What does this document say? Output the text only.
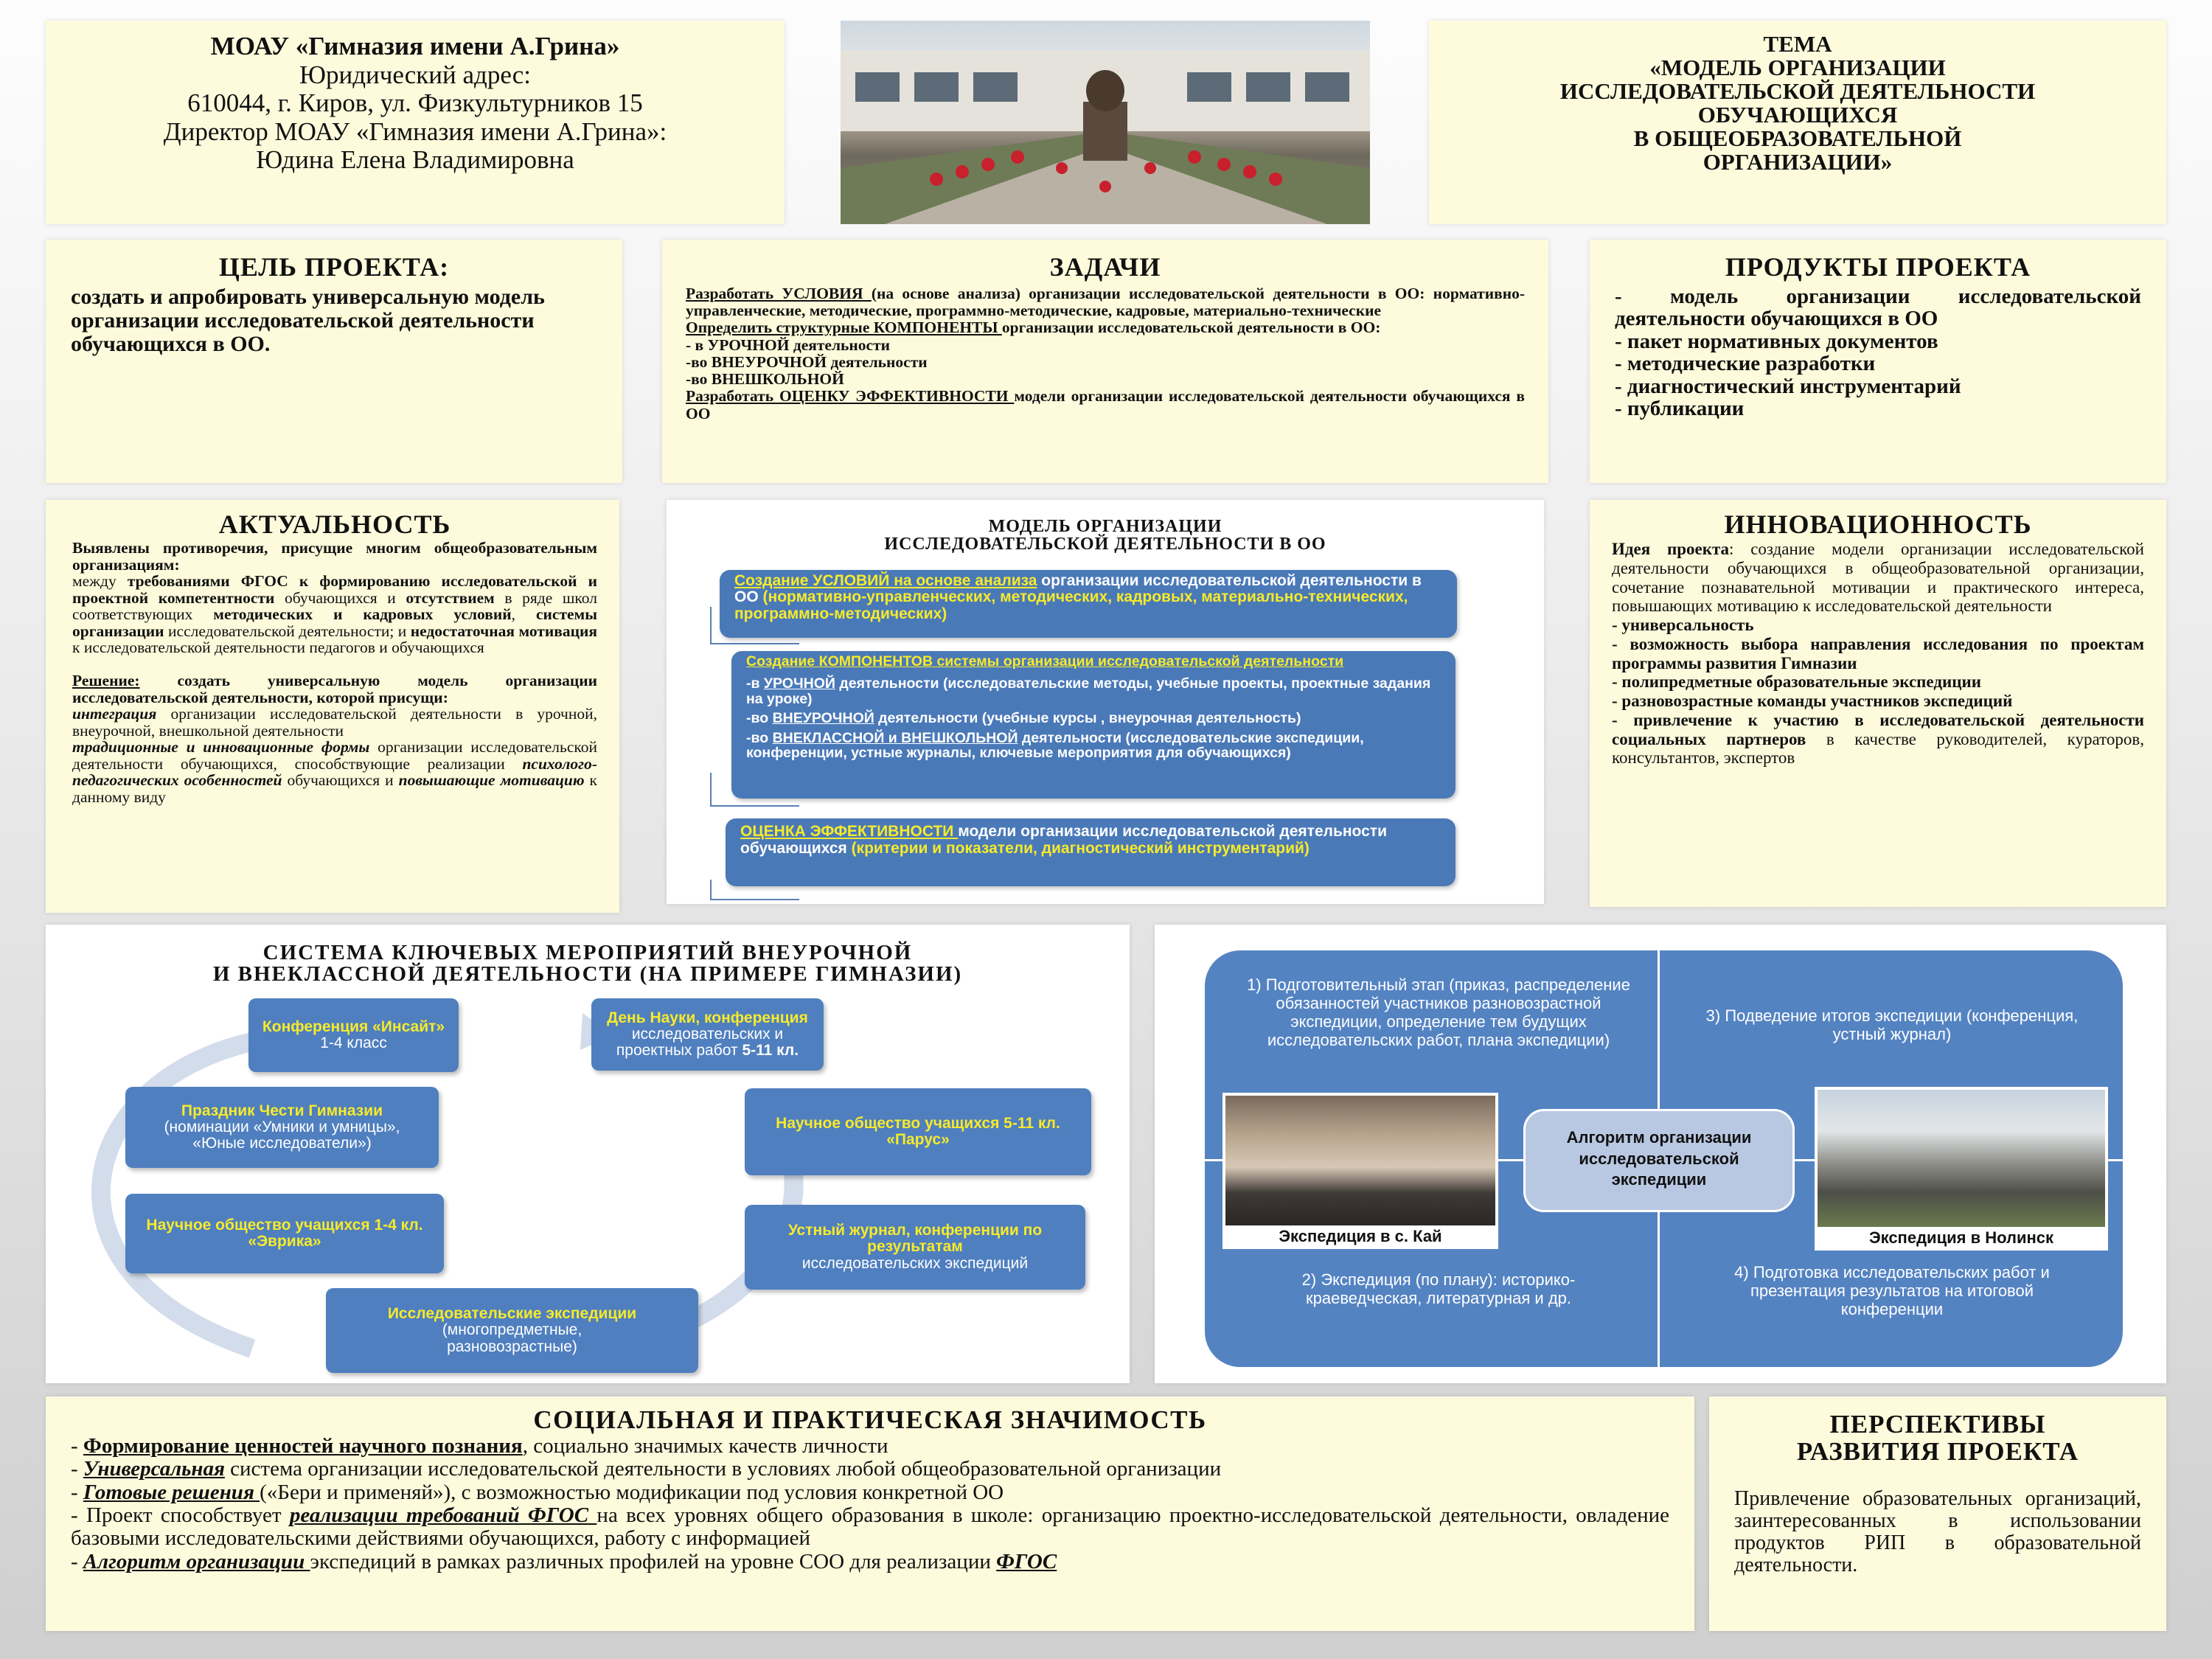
МОАУ «Гимназия имени А.Грина»
Юридический адрес:
610044, г. Киров, ул. Физкультурников 15
Директор МОАУ «Гимназия имени А.Грина»:
Юдина Елена Владимировна
ТЕМА
«МОДЕЛЬ ОРГАНИЗАЦИИ
ИССЛЕДОВАТЕЛЬСКОЙ ДЕЯТЕЛЬНОСТИ
ОБУЧАЮЩИХСЯ
В ОБЩЕОБРАЗОВАТЕЛЬНОЙ
ОРГАНИЗАЦИИ»
ЦЕЛЬ ПРОЕКТА:
создать и апробировать универсальную модель организации исследовательской деятельности обучающихся в ОО.
ЗАДАЧИ
Разработать УСЛОВИЯ (на основе анализа) организации исследовательской деятельности в ОО: нормативно-управленческие, методические, программно-методические, кадровые, материально-технические
Определить структурные КОМПОНЕНТЫ организации исследовательской деятельности в ОО:
- в УРОЧНОЙ деятельности
-во ВНЕУРОЧНОЙ деятельности
-во ВНЕШКОЛЬНОЙ
Разработать ОЦЕНКУ ЭФФЕКТИВНОСТИ модели организации исследовательской деятельности обучающихся в ОО
ПРОДУКТЫ ПРОЕКТА
- модель организации исследовательской деятельности обучающихся в ОО
- пакет нормативных документов
- методические разработки
- диагностический инструментарий
- публикации
АКТУАЛЬНОСТЬ
Выявлены противоречия, присущие многим общеобразовательным организациям:
между требованиями ФГОС к формированию исследовательской и проектной компетентности обучающихся и отсутствием в ряде школ соответствующих методических и кадровых условий, системы организации исследовательской деятельности; и недостаточная мотивация к исследовательской деятельности педагогов и обучающихся
Решение: создать универсальную модель организации исследовательской деятельности, которой присущи:
интеграция организации исследовательской деятельности в урочной, внеурочной, внешкольной деятельности
традиционные и инновационные формы организации исследовательской деятельности обучающихся, способствующие реализации психолого-педагогических особенностей обучающихся и повышающие мотивацию к данному виду
МОДЕЛЬ ОРГАНИЗАЦИИ
ИССЛЕДОВАТЕЛЬСКОЙ ДЕЯТЕЛЬНОСТИ В ОО
Создание УСЛОВИЙ на основе анализа организации исследовательской деятельности в ОО (нормативно-управленческих, методических, кадровых, материально-технических, программно-методических)
Создание КОМПОНЕНТОВ системы организации исследовательской деятельности
-в УРОЧНОЙ деятельности (исследовательские методы, учебные проекты, проектные задания на уроке)
-во ВНЕУРОЧНОЙ деятельности (учебные курсы , внеурочная деятельность)
-во ВНЕКЛАССНОЙ и ВНЕШКОЛЬНОЙ деятельности (исследовательские экспедиции, конференции, устные журналы, ключевые мероприятия для обучающихся)
ОЦЕНКА ЭФФЕКТИВНОСТИ модели организации исследовательской деятельности обучающихся (критерии и показатели, диагностический инструментарий)
ИННОВАЦИОННОСТЬ
Идея проекта: создание модели организации исследовательской деятельности обучающихся в общеобразовательной организации, сочетание познавательной мотивации и практического интереса, повышающих мотивацию к исследовательской деятельности
- универсальность
- возможность выбора направления исследования по проектам программы развития Гимназии
- полипредметные образовательные экспедиции
- разновозрастные команды участников экспедиций
- привлечение к участию в исследовательской деятельности социальных партнеров в качестве руководителей, кураторов, консультантов, экспертов
СИСТЕМА КЛЮЧЕВЫХ МЕРОПРИЯТИЙ ВНЕУРОЧНОЙ
И ВНЕКЛАССНОЙ ДЕЯТЕЛЬНОСТИ (НА ПРИМЕРЕ ГИМНАЗИИ)
Конференция «Инсайт»
1-4 класс
День Науки, конференция
исследовательских и
проектных работ 5-11 кл.
Праздник Чести Гимназии
(номинации «Умники и умницы», «Юные исследователи»)
Научное общество учащихся 5-11 кл. «Парус»
Научное общество учащихся 1-4 кл. «Эврика»
Устный журнал, конференции по результатам
исследовательских экспедиций
Исследовательские экспедиции
(многопредметные, разновозрастные)
1) Подготовительный этап (приказ, распределение обязанностей участников разновозрастной экспедиции, определение тем будущих исследовательских работ, плана экспедиции)
3) Подведение итогов экспедиции (конференция, устный журнал)
2) Экспедиция (по плану): историко-краеведческая, литературная и др.
4) Подготовка исследовательских работ и презентация результатов на итоговой конференции
Алгоритм организации исследовательской экспедиции
Экспедиция в с. Кай	Экспедиция в Нолинск
СОЦИАЛЬНАЯ И ПРАКТИЧЕСКАЯ ЗНАЧИМОСТЬ
- Формирование ценностей научного познания, социально значимых качеств личности
- Универсальная система организации исследовательской деятельности в условиях любой общеобразовательной организации
- Готовые решения («Бери и применяй»), с возможностью модификации под условия конкретной ОО
- Проект способствует реализации требований ФГОС на всех уровнях общего образования в школе: организацию проектно-исследовательской деятельности, овладение базовыми исследовательскими действиями обучающихся, работу с информацией
- Алгоритм организации экспедиций в рамках различных профилей на уровне СОО для реализации ФГОС
ПЕРСПЕКТИВЫ
РАЗВИТИЯ ПРОЕКТА
Привлечение образовательных организаций, заинтересованных в использовании продуктов РИП в образовательной деятельности.
